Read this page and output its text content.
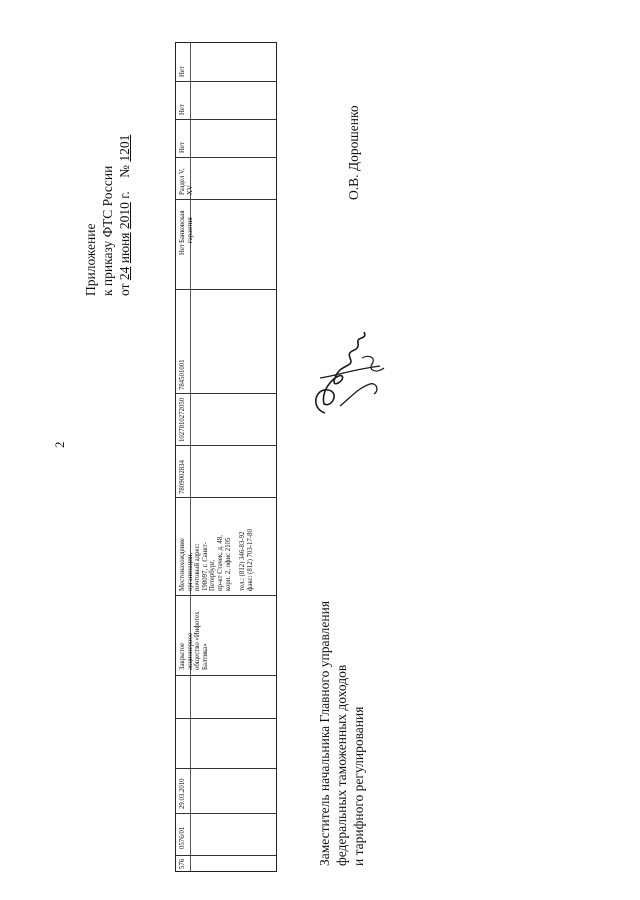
2
Приложение к приказу ФТС России от 24 июня 2010 г.    № 1201
576
0576/01
29.03.2010
Закрытое акционерное общество «Инфотех Балтика»
Местонахождение организации, почтовый адрес: 198097, г. Санкт- Петербург, пр-кт Стачек, д. 48, корп. 2, офис 2105 тел.: (812) 346-83-92 факс: (812) 703-17-80
7809002834
1027810272050
784501001
Нет
Банковская гарантия
Раздел V, XV
Нет
Нет
Нет
Заместитель начальника Главного управления федеральных таможенных доходов и тарифного регулирования
О.В. Дорошенко
